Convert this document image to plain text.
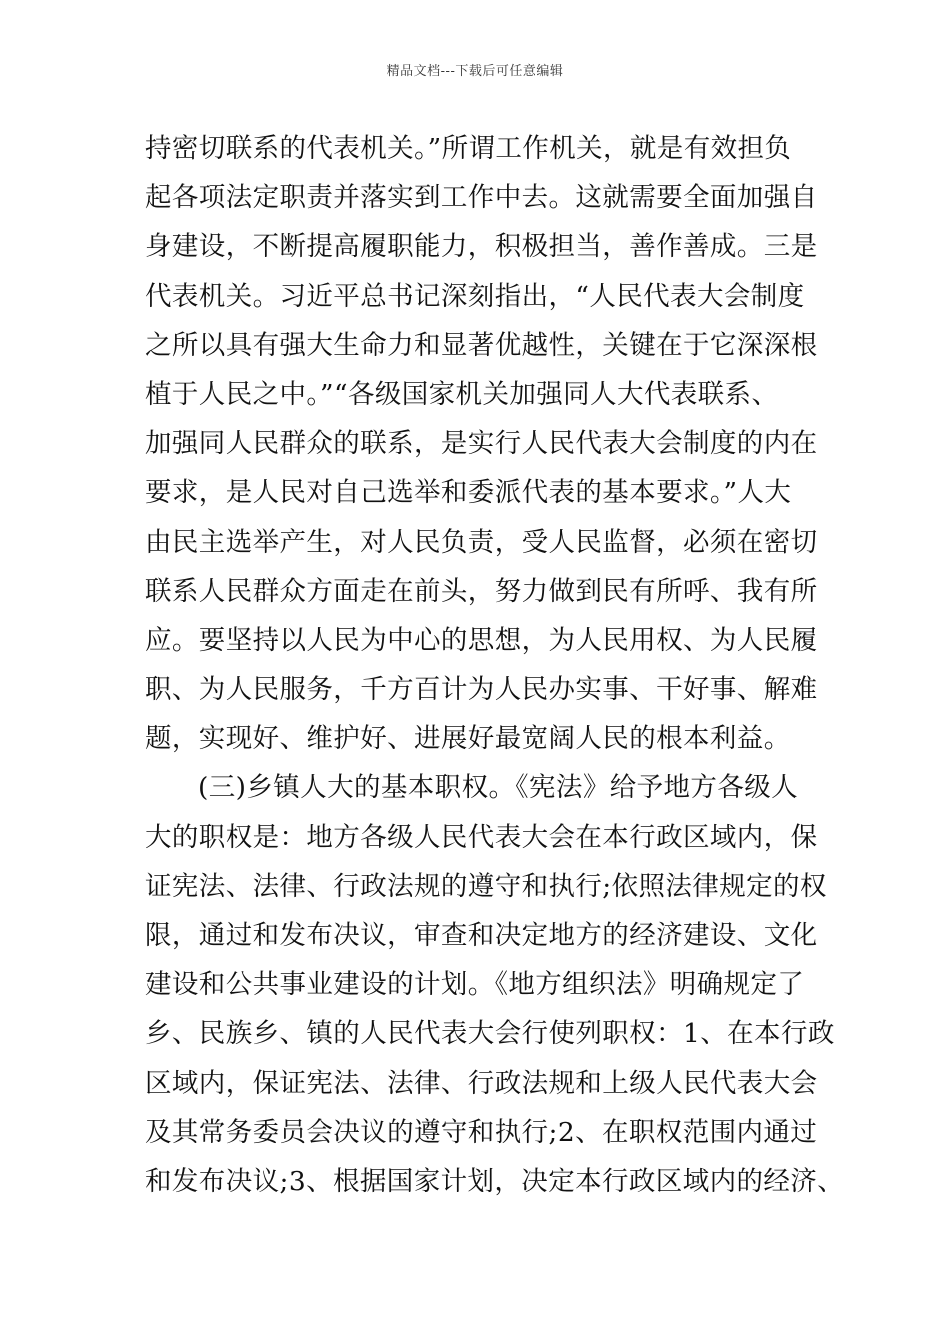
精品文档---下载后可任意编辑
持密切联系的代表机关。”所谓工作机关，就是有效担负
起各项法定职责并落实到工作中去。这就需要全面加强自
身建设，不断提高履职能力，积极担当，善作善成。三是
代表机关。习近平总书记深刻指出，“人民代表大会制度
之所以具有强大生命力和显著优越性，关键在于它深深根
植于人民之中。”“各级国家机关加强同人大代表联系、
加强同人民群众的联系，是实行人民代表大会制度的内在
要求，是人民对自己选举和委派代表的基本要求。”人大
由民主选举产生，对人民负责，受人民监督，必须在密切
联系人民群众方面走在前头，努力做到民有所呼、我有所
应。要坚持以人民为中心的思想，为人民用权、为人民履
职、为人民服务，千方百计为人民办实事、干好事、解难
题，实现好、维护好、进展好最宽阔人民的根本利益。
(三)乡镇人大的基本职权。《宪法》给予地方各级人
大的职权是：地方各级人民代表大会在本行政区域内，保
证宪法、法律、行政法规的遵守和执行;依照法律规定的权
限，通过和发布决议，审查和决定地方的经济建设、文化
建设和公共事业建设的计划。《地方组织法》明确规定了
乡、民族乡、镇的人民代表大会行使列职权：1、在本行政
区域内，保证宪法、法律、行政法规和上级人民代表大会
及其常务委员会决议的遵守和执行;2、在职权范围内通过
和发布决议;3、根据国家计划，决定本行政区域内的经济、
